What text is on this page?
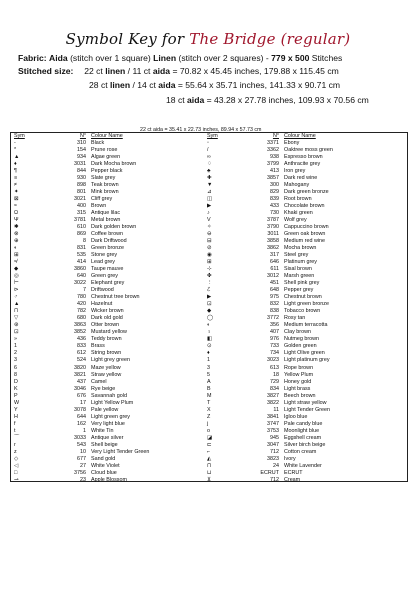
Symbol Key for The Bridge (regular)
Fabric: Aida (stitch over 1 square) Linen (stitch over 2 squares) - 779 x 500 Stitches
Stitched size: 22 ct linen / 11 ct aida = 70.82 x 45.45 inches, 179.88 x 115.45 cm
28 ct linen / 14 ct aida = 55.64 x 35.71 inches, 141.33 x 90.71 cm
18 ct aida = 43.28 x 27.78 inches, 109.93 x 70.56 cm
22 ct aida = 35.41 x 22.73 inches, 89.94 x 57.73 cm
Sym	N° Colour Name
-	310 Black
*	154 Prune rose
▲	934 Algae green
♦	3031 Dark Mocha brown
¶	844 Pepper black
≡	930 Slate grey
≠	898 Teak brown
✦	801 Mink brown
⊠	3021 Cliff grey
≈	400 Brown
Ω	315 Antique lilac
Ψ	3781 Metal brown
✱	610 Dark golden brown
⊗	869 Coffee brown
⊕	8 Dark Driftwood
◐	831 Green bronze
⊞	535 Stone grey
≉	414 Lead grey
◆	3860 Taupe mauve
◎	640 Green grey
⊢	3022 Elephant grey
⊳	7 Driftwood
♂	780 Chestnut tree brown
▲	420 Hazelnut
⊓	782 Wicker brown
▽	680 Dark old gold
⊛	3863 Otter brown
⊡	3852 Mustard yellow
»	436 Teddy brown
1	833 Brass
2	612 String brown
3	524 Light grey green
6	3820 Maze yellow
8	3821 Straw yellow
D	437 Camel
K	3046 Rye beige
P	676 Savannah gold
W	17 Light Yellow Plum
Y	3078 Pale yellow
H	644 Light green grey
f	162 Very light blue
t	1 White Tin
⌒	3033 Antique silver
r	543 Shell beige
z	10 Very Light Tender Green
◇	677 Sand gold
◁	27 White Violet
□	3756 Cloud blue
⊸	23 Apple Blossom
Sym	N° Colour Name
◦	3371 Ebony
/	3362 Oaktree moss green
∞	938 Espresso brown
♢	3799 Anthracite grey
♣	413 Iron grey
✚	3857 Dark red wine
▼	300 Mahogany
⊿	829 Dark green bronze
◫	839 Root brown
▶	433 Chocolate brown
♪	730 Khaki green
V	3787 Wolf grey
✧	3790 Cappuccino brown
⊖	3011 Green oak brown
⊟	3858 Medium red wine
⊘	3862 Mocha brown
◉	317 Steel grey
⊞	646 Platinum grey
⊹	611 Sisal brown
✤	3012 Marsh green
⋮	451 Shell pink grey
ℰ	648 Pepper grey
▶	975 Chestnut brown
⊡	832 Light green bronze
◆	838 Tobacco brown
◯	3772 Rosy tan
◐	356 Medium terracotta
♀	407 Clay brown
◧	976 Nutmeg brown
⊙	733 Golden green
♦	734 Light Olive green
1	3023 Light platinum grey
3	613 Rope brown
5	18 Yellow Plum
A	729 Honey gold
B	834 Light brass
M	3827 Beech brown
T	3822 Light straw yellow
X	11 Light Tender Green
Z	3841 Igloo blue
j	3747 Pale candy blue
o	3753 Moonlight blue
◪	945 Eggshell cream
⊏	3047 Silver birch beige
⌐	712 Cotton cream
◭	3823 Ivory
⊓	24 White Lavender
⊔	ECRUT ECRUT
⊻	712 Cream
